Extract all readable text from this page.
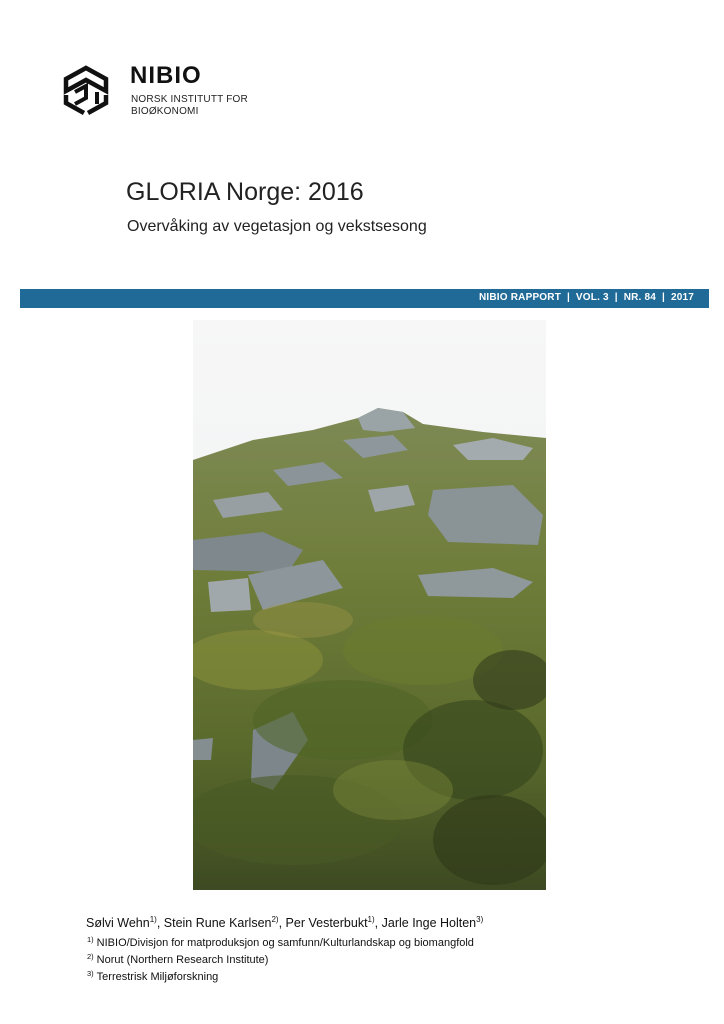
NIBIO
NORSK INSTITUTT FOR
BIOØKONOMI
GLORIA Norge: 2016
Overvåking av vegetasjon og vekstsesong
NIBIO RAPPORT  |  VOL. 3  |  NR. 84  |  2017
Sølvi Wehn$^{1)}$, Stein Rune Karlsen$^{2)}$, Per Vesterbukt$^{1)}$, Jarle Inge Holten$^{3)}$
$^{1)}$ NIBIO/Divisjon for matproduksjon og samfunn/Kulturlandskap og biomangfold
$^{2)}$ Norut (Northern Research Institute)
$^{3)}$ Terrestrisk Miljøforskning
